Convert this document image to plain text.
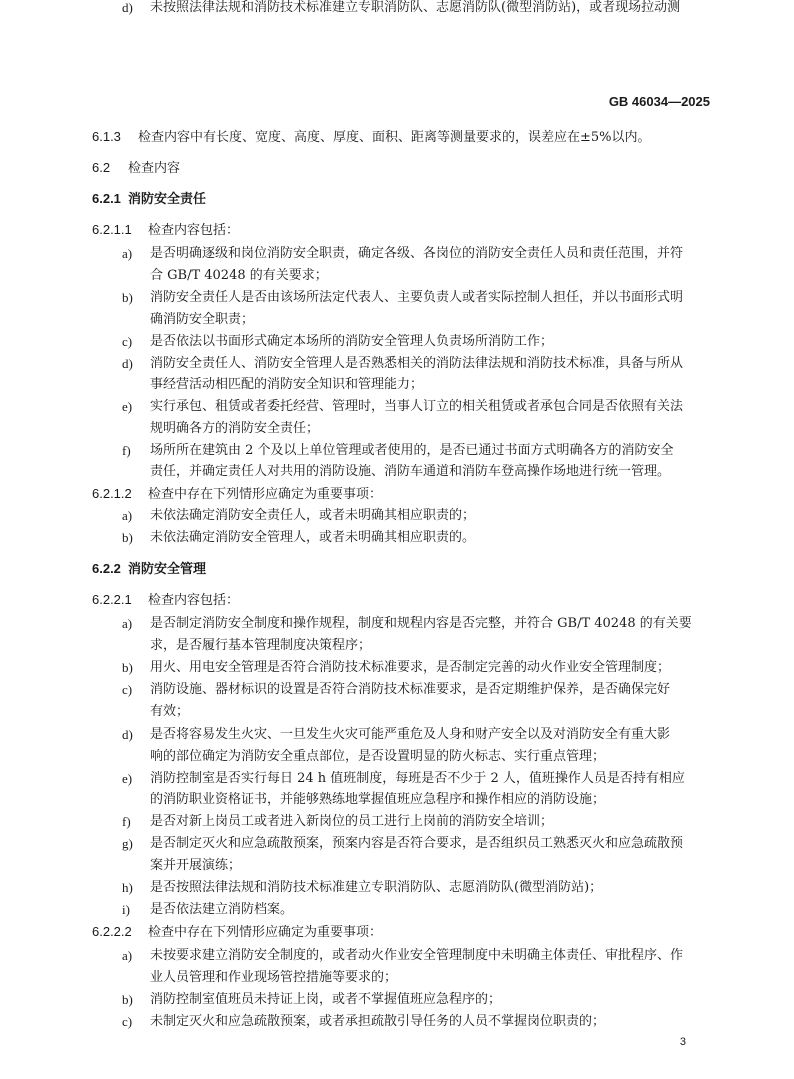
GB 46034—2025
6.1.3 检查内容中有长度、宽度、高度、厚度、面积、距离等测量要求的，误差应在±5%以内。
6.2 检查内容
6.2.1 消防安全责任
6.2.1.1 检查内容包括：
a) 是否明确逐级和岗位消防安全职责，确定各级、各岗位的消防安全责任人员和责任范围，并符
合 GB/T 40248 的有关要求；
b) 消防安全责任人是否由该场所法定代表人、主要负责人或者实际控制人担任，并以书面形式明
确消防安全职责；
c) 是否依法以书面形式确定本场所的消防安全管理人负责场所消防工作；
d) 消防安全责任人、消防安全管理人是否熟悉相关的消防法律法规和消防技术标准，具备与所从
事经营活动相匹配的消防安全知识和管理能力；
e) 实行承包、租赁或者委托经营、管理时，当事人订立的相关租赁或者承包合同是否依照有关法
规明确各方的消防安全责任；
f) 场所所在建筑由 2 个及以上单位管理或者使用的，是否已通过书面方式明确各方的消防安全
责任，并确定责任人对共用的消防设施、消防车通道和消防车登高操作场地进行统一管理。
6.2.1.2 检查中存在下列情形应确定为重要事项：
a) 未依法确定消防安全责任人，或者未明确其相应职责的；
b) 未依法确定消防安全管理人，或者未明确其相应职责的。
6.2.2 消防安全管理
6.2.2.1 检查内容包括：
a) 是否制定消防安全制度和操作规程，制度和规程内容是否完整，并符合 GB/T 40248 的有关要
求，是否履行基本管理制度决策程序；
b) 用火、用电安全管理是否符合消防技术标准要求，是否制定完善的动火作业安全管理制度；
c) 消防设施、器材标识的设置是否符合消防技术标准要求，是否定期维护保养，是否确保完好
有效；
d) 是否将容易发生火灾、一旦发生火灾可能严重危及人身和财产安全以及对消防安全有重大影
响的部位确定为消防安全重点部位，是否设置明显的防火标志、实行重点管理；
e) 消防控制室是否实行每日 24 h 值班制度，每班是否不少于 2 人，值班操作人员是否持有相应
的消防职业资格证书，并能够熟练地掌握值班应急程序和操作相应的消防设施；
f) 是否对新上岗员工或者进入新岗位的员工进行上岗前的消防安全培训；
g) 是否制定灭火和应急疏散预案，预案内容是否符合要求，是否组织员工熟悉灭火和应急疏散预
案并开展演练；
h) 是否按照法律法规和消防技术标准建立专职消防队、志愿消防队(微型消防站)；
i) 是否依法建立消防档案。
6.2.2.2 检查中存在下列情形应确定为重要事项：
a) 未按要求建立消防安全制度的，或者动火作业安全管理制度中未明确主体责任、审批程序、作
业人员管理和作业现场管控措施等要求的；
b) 消防控制室值班员未持证上岗，或者不掌握值班应急程序的；
c) 未制定灭火和应急疏散预案，或者承担疏散引导任务的人员不掌握岗位职责的；
d) 未按照法律法规和消防技术标准建立专职消防队、志愿消防队(微型消防站)，或者现场拉动测
3
